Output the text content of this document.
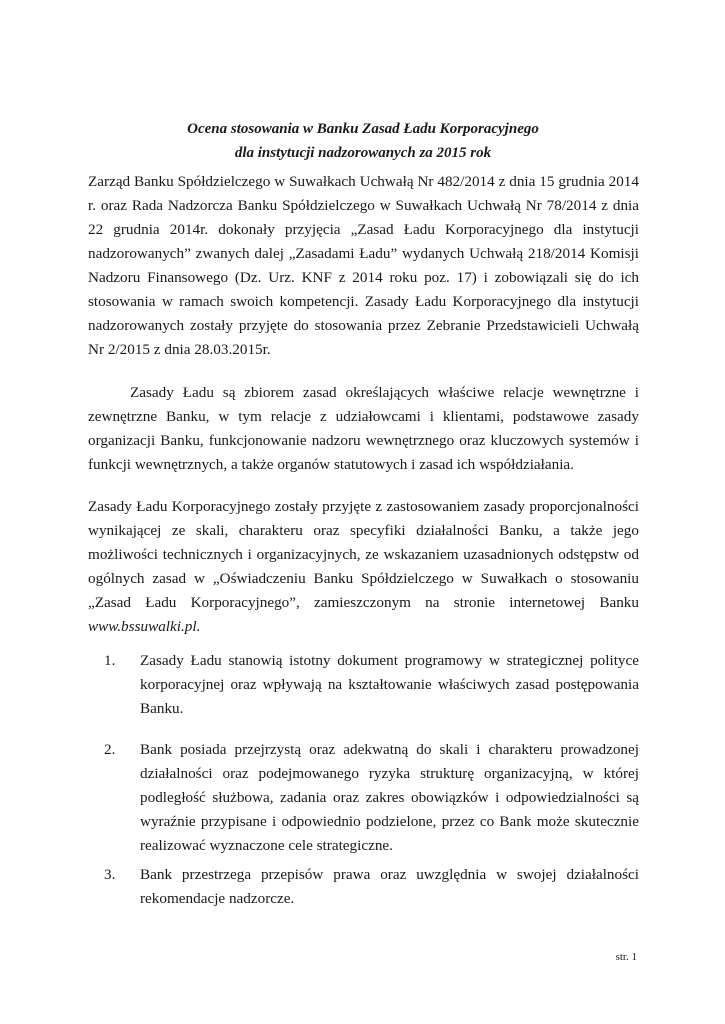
Ocena stosowania w Banku Zasad Ładu Korporacyjnego
dla instytucji nadzorowanych za 2015 rok

Zarząd Banku Spółdzielczego w Suwałkach Uchwałą Nr 482/2014 z dnia 15 grudnia 2014 r. oraz Rada Nadzorcza Banku Spółdzielczego w Suwałkach Uchwałą Nr 78/2014 z dnia 22 grudnia 2014r. dokonały przyjęcia „Zasad Ładu Korporacyjnego dla instytucji nadzorowanych” zwanych dalej „Zasadami Ładu” wydanych Uchwałą 218/2014 Komisji Nadzoru Finansowego (Dz. Urz. KNF z 2014 roku poz. 17) i zobowiązali się do ich stosowania w ramach swoich kompetencji. Zasady Ładu Korporacyjnego dla instytucji nadzorowanych zostały przyjęte do stosowania przez Zebranie Przedstawicieli Uchwałą Nr 2/2015 z dnia 28.03.2015r.

Zasady Ładu są zbiorem zasad określających właściwe relacje wewnętrzne i zewnętrzne Banku, w tym relacje z udziałowcami i klientami, podstawowe zasady organizacji Banku, funkcjonowanie nadzoru wewnętrznego oraz kluczowych systemów i funkcji wewnętrznych, a także organów statutowych i zasad ich współdziałania.

Zasady Ładu Korporacyjnego zostały przyjęte z zastosowaniem zasady proporcjonalności wynikającej ze skali, charakteru oraz specyfiki działalności Banku, a także jego możliwości technicznych i organizacyjnych, ze wskazaniem uzasadnionych odstępstw od ogólnych zasad w „Oświadczeniu Banku Spółdzielczego w Suwałkach o stosowaniu „Zasad Ładu Korporacyjnego”, zamieszczonym na stronie internetowej Banku www.bssuwalki.pl.

1.	Zasady Ładu stanowią istotny dokument programowy w strategicznej polityce korporacyjnej oraz wpływają na kształtowanie właściwych zasad postępowania Banku.
2.	Bank posiada przejrzystą oraz adekwatną do skali i charakteru prowadzonej działalności oraz podejmowanego ryzyka strukturę organizacyjną, w której podległość służbowa, zadania oraz zakres obowiązków i odpowiedzialności są wyraźnie przypisane i odpowiednio podzielone, przez co Bank może skutecznie realizować wyznaczone cele strategiczne.
3.	Bank przestrzega przepisów prawa oraz uwzględnia w swojej działalności rekomendacje nadzorcze.
str. 1
